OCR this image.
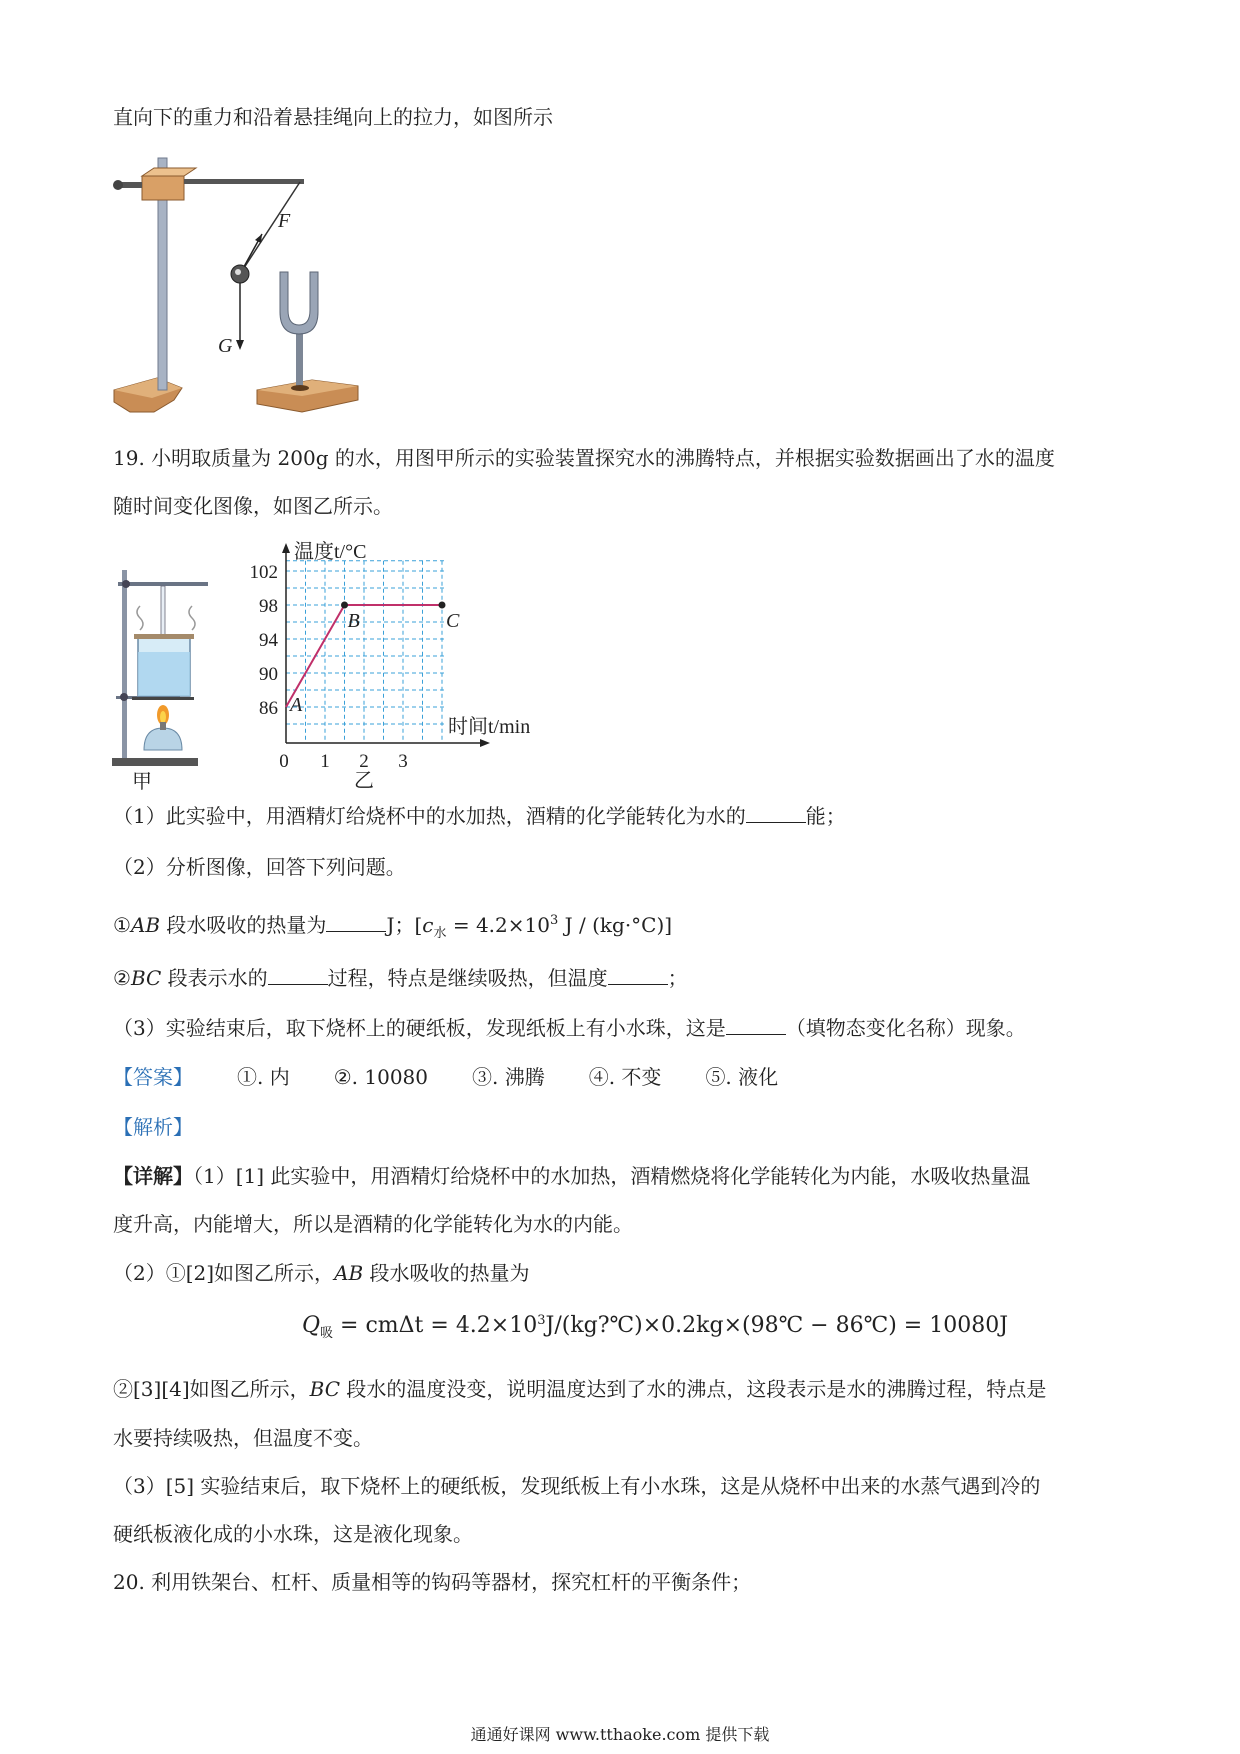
直向下的重力和沿着悬挂绳向上的拉力，如图所示
F
G
19. 小明取质量为 200g 的水，用图甲所示的实验装置探究水的沸腾特点，并根据实验数据画出了水的温度
随时间变化图像，如图乙所示。
甲
温度t/°C
时间t/min
86
90
94
98
102
0 1 2 3
A
B	C
乙
（1）此实验中，用酒精灯给烧杯中的水加热，酒精的化学能转化为水的	能；
（2）分析图像，回答下列问题。
①AB 段水吸收的热量为	J；[$c_水 = 4.2\times 10^3$ J / (kg·°C)]
②BC 段表示水的	过程，特点是继续吸热，但温度	；
（3）实验结束后，取下烧杯上的硬纸板，发现纸板上有小水珠，这是	（填物态变化名称）现象。
【答案】 ①. 内 ②. 10080 ③. 沸腾 ④. 不变 ⑤. 液化
【解析】
【详解】（1）[1] 此实验中，用酒精灯给烧杯中的水加热，酒精燃烧将化学能转化为内能，水吸收热量温
度升高，内能增大，所以是酒精的化学能转化为水的内能。
（2）①[2]如图乙所示，AB 段水吸收的热量为
$Q_吸 = cm\Delta t$ = $4.2\times 10^3J/(kg?℃)\times 0.2kg\times(98℃$ − 86℃) = 10080J
②[3][4]如图乙所示，BC 段水的温度没变，说明温度达到了水的沸点，这段表示是水的沸腾过程，特点是
水要持续吸热，但温度不变。
（3）[5] 实验结束后，取下烧杯上的硬纸板，发现纸板上有小水珠，这是从烧杯中出来的水蒸气遇到冷的
硬纸板液化成的小水珠，这是液化现象。
20. 利用铁架台、杠杆、质量相等的钩码等器材，探究杠杆的平衡条件；
通通好课网 www.tthaoke.com 提供下载
